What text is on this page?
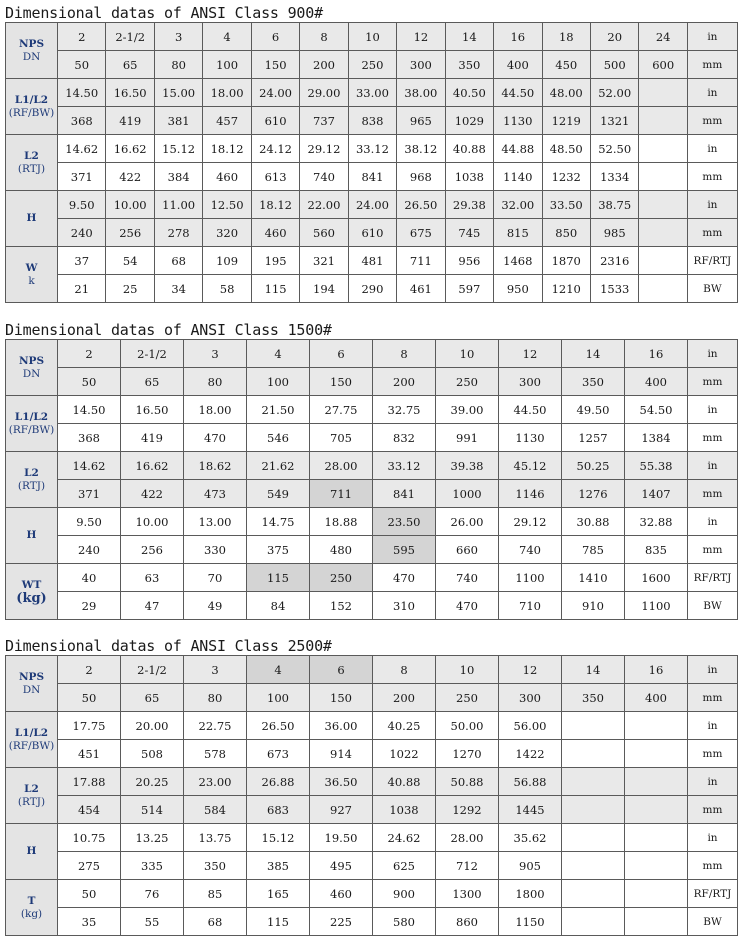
Dimensional datas of ANSI Class 900#
NPS
DN	2	2-1/2	3	4	6	8	10	12	14	16	18	20	24	in
	50	65	80	100	150	200	250	300	350	400	450	500	600	mm

L1/L2
(RF/BW)	14.50	16.50	15.00	18.00	24.00	29.00	33.00	38.00	40.50	44.50	48.00	52.00		in
	368	419	381	457	610	737	838	965	1029	1130	1219	1321		mm

L2
(RTJ)	14.62	16.62	15.12	18.12	24.12	29.12	33.12	38.12	40.88	44.88	48.50	52.50		in
	371	422	384	460	613	740	841	968	1038	1140	1232	1334		mm

H	9.50	10.00	11.00	12.50	18.12	22.00	24.00	26.50	29.38	32.00	33.50	38.75		in
	240	256	278	320	460	560	610	675	745	815	850	985		mm

W
k	37	54	68	109	195	321	481	711	956	1468	1870	2316		RF/RTJ
	21	25	34	58	115	194	290	461	597	950	1210	1533		BW
Dimensional datas of ANSI Class 1500#
NPS
DN	2	2-1/2	3	4	6	8	10	12	14	16	in
	50	65	80	100	150	200	250	300	350	400	mm

L1/L2
(RF/BW)	14.50	16.50	18.00	21.50	27.75	32.75	39.00	44.50	49.50	54.50	in
	368	419	470	546	705	832	991	1130	1257	1384	mm

L2
(RTJ)	14.62	16.62	18.62	21.62	28.00	33.12	39.38	45.12	50.25	55.38	in
	371	422	473	549	711	841	1000	1146	1276	1407	mm

H	9.50	10.00	13.00	14.75	18.88	23.50	26.00	29.12	30.88	32.88	in
	240	256	330	375	480	595	660	740	785	835	mm

WT
(kg)	40	63	70	115	250	470	740	1100	1410	1600	RF/RTJ
	29	47	49	84	152	310	470	710	910	1100	BW
Dimensional datas of ANSI Class 2500#
NPS
DN	2	2-1/2	3	4	6	8	10	12	14	16	in
	50	65	80	100	150	200	250	300	350	400	mm

L1/L2
(RF/BW)	17.75	20.00	22.75	26.50	36.00	40.25	50.00	56.00			in
	451	508	578	673	914	1022	1270	1422			mm

L2
(RTJ)	17.88	20.25	23.00	26.88	36.50	40.88	50.88	56.88			in
	454	514	584	683	927	1038	1292	1445			mm

H	10.75	13.25	13.75	15.12	19.50	24.62	28.00	35.62			in
	275	335	350	385	495	625	712	905			mm

T
(kg)	50	76	85	165	460	900	1300	1800			RF/RTJ
	35	55	68	115	225	580	860	1150			BW
